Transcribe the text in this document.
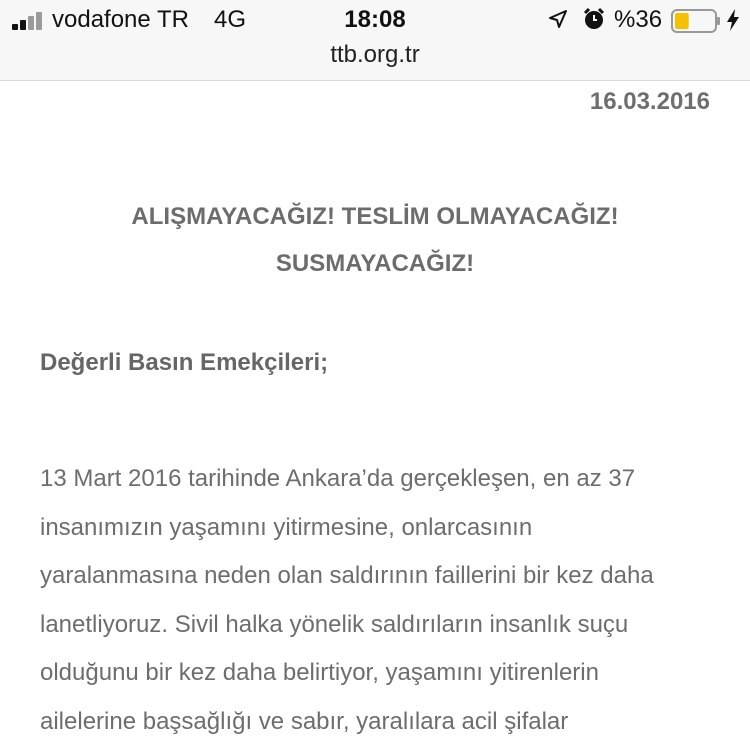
vodafone TR 4G	18:08	%36
ttb.org.tr
16.03.2016
ALIŞMAYACAĞIZ! TESLİM OLMAYACAĞIZ!
SUSMAYACAĞIZ!
Değerli Basın Emekçileri;
13 Mart 2016 tarihinde Ankara’da gerçekleşen, en az 37
insanımızın yaşamını yitirmesine, onlarcasının
yaralanmasına neden olan saldırının faillerini bir kez daha
lanetliyoruz. Sivil halka yönelik saldırıların insanlık suçu
olduğunu bir kez daha belirtiyor, yaşamını yitirenlerin
ailelerine başsağlığı ve sabır, yaralılara acil şifalar
